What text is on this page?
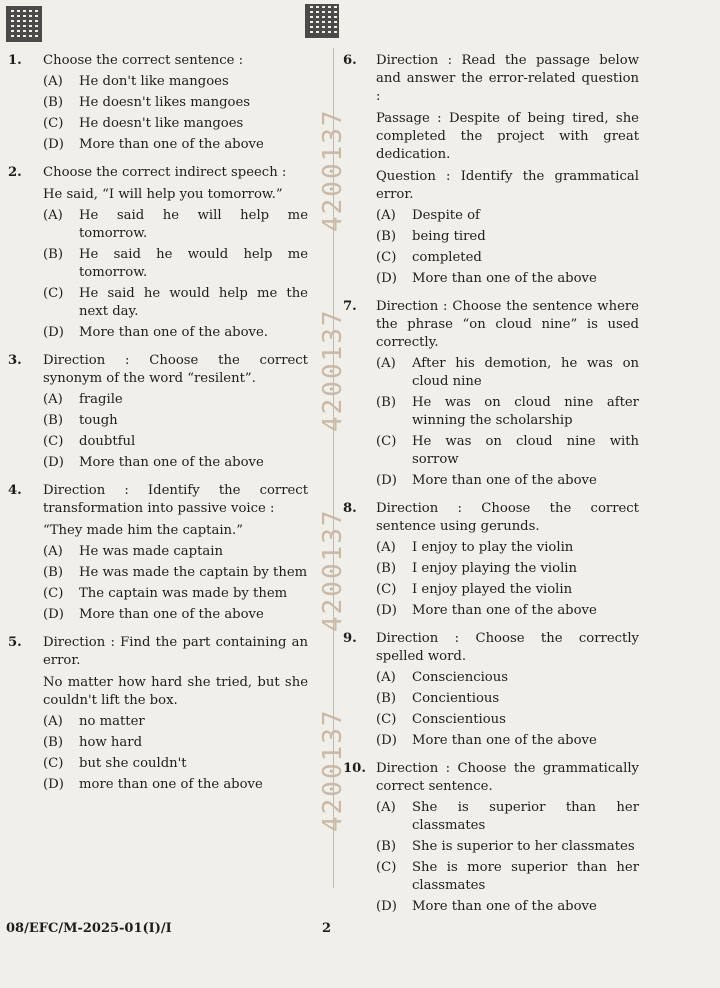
4200137
4200137
4200137
4200137
1. Choose the correct sentence :
(A)	He don't like mangoes
(B)	He doesn't likes mangoes
(C)	He doesn't like mangoes
(D)	More than one of the above
2. Choose the correct indirect speech :
He said, “I will help you tomorrow.”
(A)	He said he will help me tomorrow.
(B)	He said he would help me tomorrow.
(C)	He said he would help me the next day.
(D)	More than one of the above.
3. Direction : Choose the correct synonym of the word “resilent”.
(A)	fragile
(B)	tough
(C)	doubtful
(D)	More than one of the above
4. Direction : Identify the correct transformation into passive voice :
“They made him the captain.”
(A)	He was made captain
(B)	He was made the captain by them
(C)	The captain was made by them
(D)	More than one of the above
5. Direction : Find the part containing an error.
No matter how hard she tried, but she couldn't lift the box.
(A)	no matter
(B)	how hard
(C)	but she couldn't
(D)	more than one of the above
6. Direction : Read the passage below and answer the error-related question :
Passage : Despite of being tired, she completed the project with great dedication.
Question : Identify the grammatical error.
(A)	Despite of
(B)	being tired
(C)	completed
(D)	More than one of the above
7. Direction : Choose the sentence where the phrase “on cloud nine” is used correctly.
(A)	After his demotion, he was on cloud nine
(B)	He was on cloud nine after winning the scholarship
(C)	He was on cloud nine with sorrow
(D)	More than one of the above
8. Direction : Choose the correct sentence using gerunds.
(A)	I enjoy to play the violin
(B)	I enjoy playing the violin
(C)	I enjoy played the violin
(D)	More than one of the above
9. Direction : Choose the correctly spelled word.
(A)	Consciencious
(B)	Concientious
(C)	Conscientious
(D)	More than one of the above
10. Direction : Choose the grammatically correct sentence.
(A)	She is superior than her classmates
(B)	She is superior to her classmates
(C)	She is more superior than her classmates
(D)	More than one of the above
08/EFC/M-2025-01(I)/I	2
